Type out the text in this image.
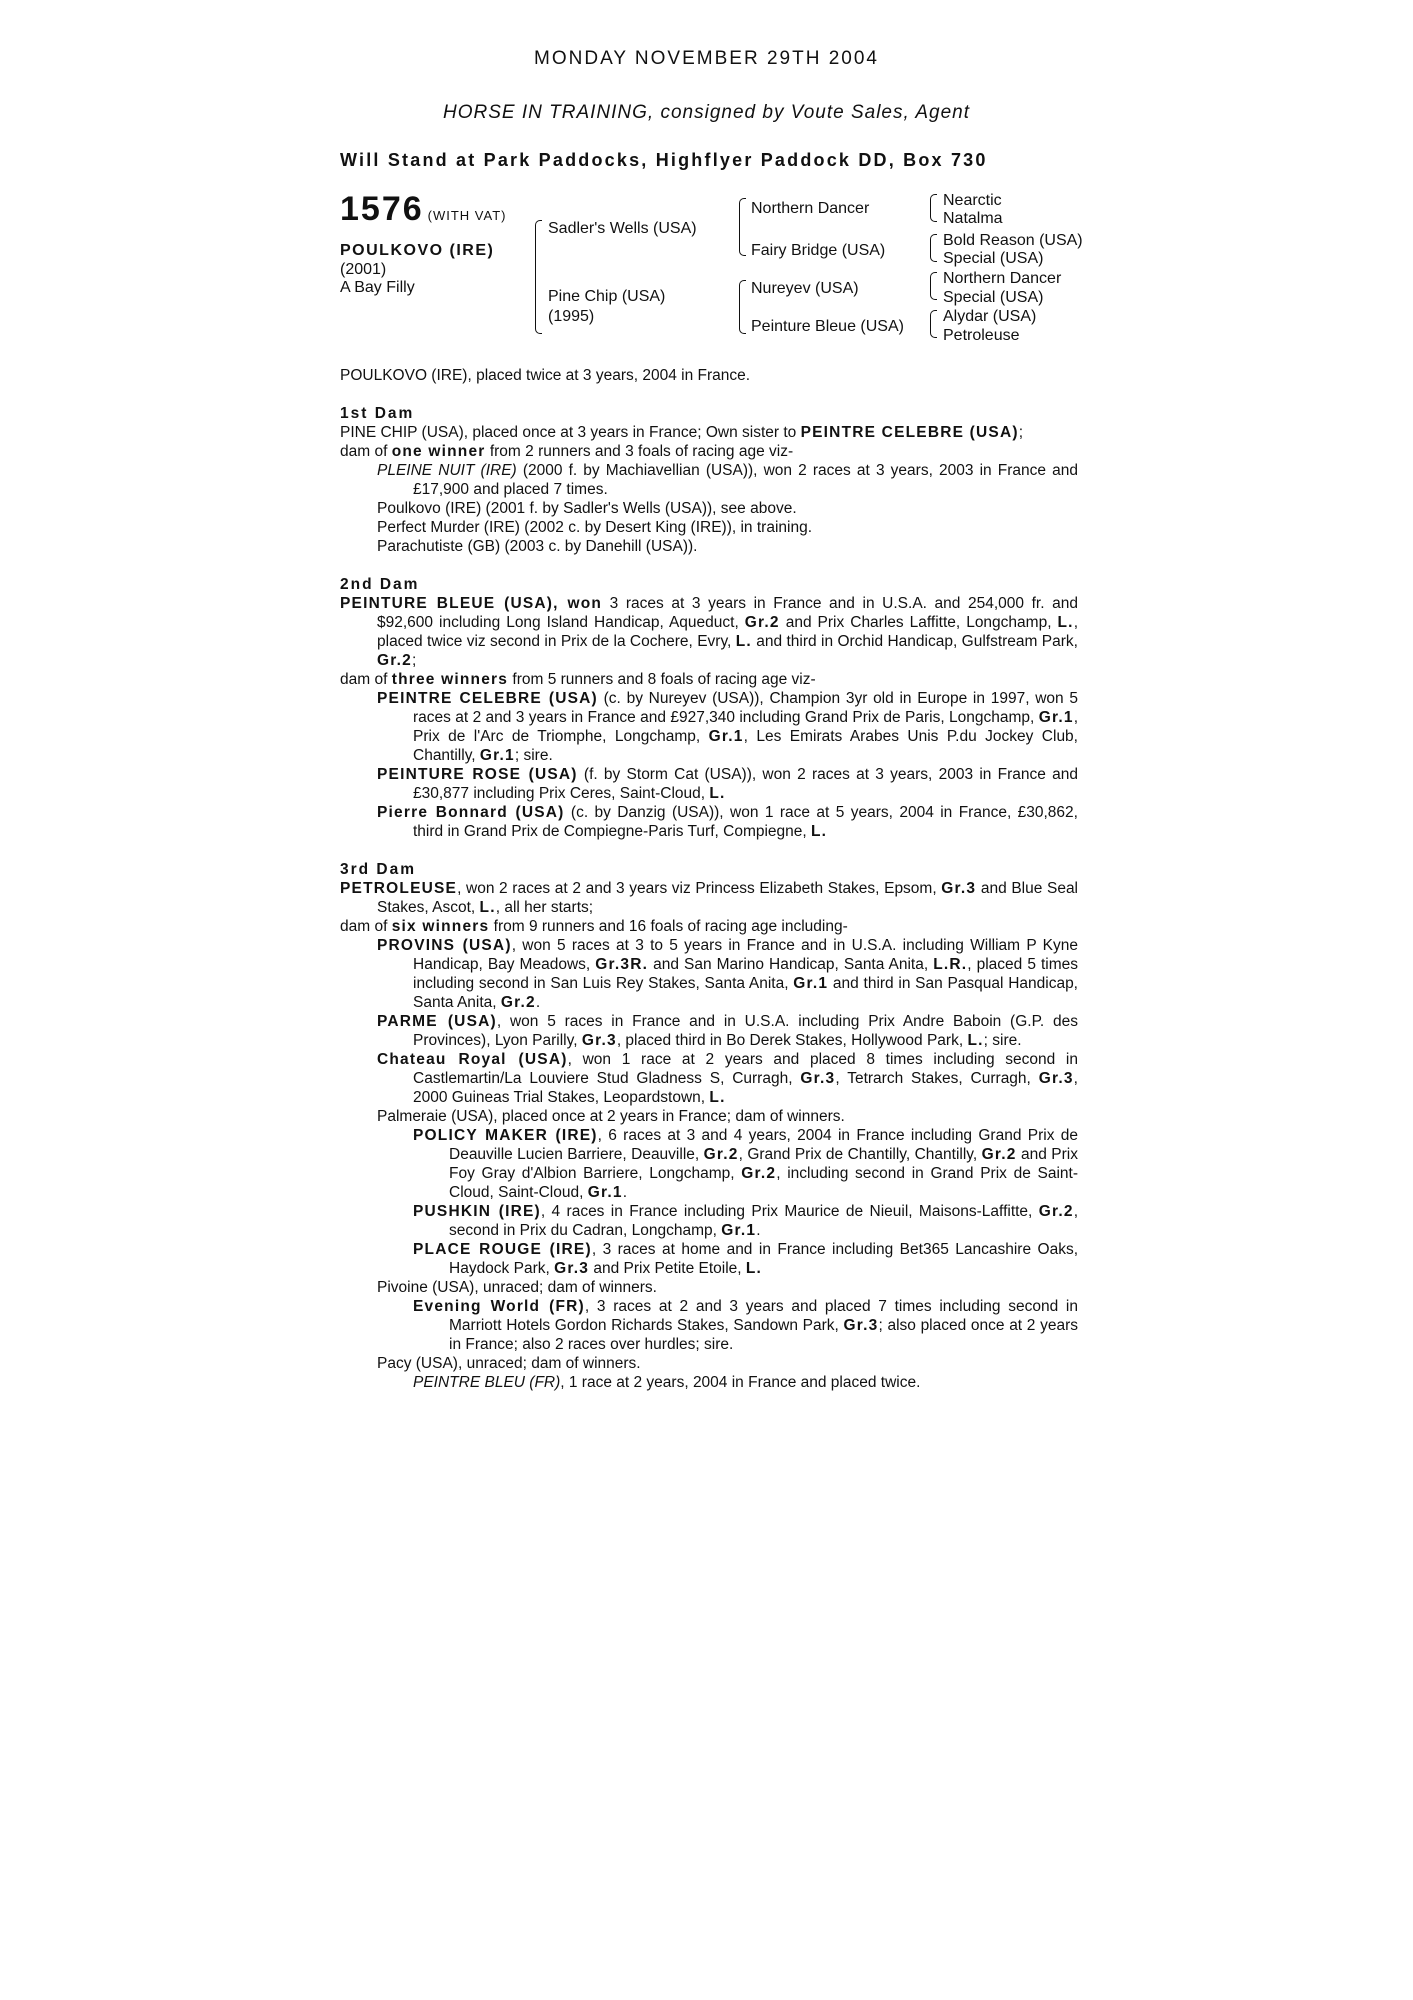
MONDAY NOVEMBER 29TH 2004
HORSE IN TRAINING, consigned by Voute Sales, Agent
Will Stand at Park Paddocks, Highflyer Paddock DD, Box 730
1576 (WITH VAT)
POULKOVO (IRE)
(2001)
A Bay Filly
Sadler's Wells (USA)
Pine Chip (USA)
(1995)
Northern Dancer
Fairy Bridge (USA)
Nureyev (USA)
Peinture Bleue (USA)
Nearctic
Natalma
Bold Reason (USA)
Special (USA)
Northern Dancer
Special (USA)
Alydar (USA)
Petroleuse

POULKOVO (IRE), placed twice at 3 years, 2004 in France.

1st Dam

PINE CHIP (USA), placed once at 3 years in France; Own sister to PEINTRE CELEBRE (USA);

dam of one winner from 2 runners and 3 foals of racing age viz-

PLEINE NUIT (IRE) (2000 f. by Machiavellian (USA)), won 2 races at 3 years, 2003 in France and £17,900 and placed 7 times.

Poulkovo (IRE) (2001 f. by Sadler's Wells (USA)), see above.

Perfect Murder (IRE) (2002 c. by Desert King (IRE)), in training.

Parachutiste (GB) (2003 c. by Danehill (USA)).

2nd Dam

PEINTURE BLEUE (USA), won 3 races at 3 years in France and in U.S.A. and 254,000 fr. and $92,600 including Long Island Handicap, Aqueduct, Gr.2 and Prix Charles Laffitte, Longchamp, L., placed twice viz second in Prix de la Cochere, Evry, L. and third in Orchid Handicap, Gulfstream Park, Gr.2;

dam of three winners from 5 runners and 8 foals of racing age viz-

PEINTRE CELEBRE (USA) (c. by Nureyev (USA)), Champion 3yr old in Europe in 1997, won 5 races at 2 and 3 years in France and £927,340 including Grand Prix de Paris, Longchamp, Gr.1, Prix de l'Arc de Triomphe, Longchamp, Gr.1, Les Emirats Arabes Unis P.du Jockey Club, Chantilly, Gr.1; sire.

PEINTURE ROSE (USA) (f. by Storm Cat (USA)), won 2 races at 3 years, 2003 in France and £30,877 including Prix Ceres, Saint-Cloud, L.

Pierre Bonnard (USA) (c. by Danzig (USA)), won 1 race at 5 years, 2004 in France, £30,862, third in Grand Prix de Compiegne-Paris Turf, Compiegne, L.

3rd Dam

PETROLEUSE, won 2 races at 2 and 3 years viz Princess Elizabeth Stakes, Epsom, Gr.3 and Blue Seal Stakes, Ascot, L., all her starts;

dam of six winners from 9 runners and 16 foals of racing age including-

PROVINS (USA), won 5 races at 3 to 5 years in France and in U.S.A. including William P Kyne Handicap, Bay Meadows, Gr.3R. and San Marino Handicap, Santa Anita, L.R., placed 5 times including second in San Luis Rey Stakes, Santa Anita, Gr.1 and third in San Pasqual Handicap, Santa Anita, Gr.2.

PARME (USA), won 5 races in France and in U.S.A. including Prix Andre Baboin (G.P. des Provinces), Lyon Parilly, Gr.3, placed third in Bo Derek Stakes, Hollywood Park, L.; sire.

Chateau Royal (USA), won 1 race at 2 years and placed 8 times including second in Castlemartin/La Louviere Stud Gladness S, Curragh, Gr.3, Tetrarch Stakes, Curragh, Gr.3, 2000 Guineas Trial Stakes, Leopardstown, L.

Palmeraie (USA), placed once at 2 years in France; dam of winners.

POLICY MAKER (IRE), 6 races at 3 and 4 years, 2004 in France including Grand Prix de Deauville Lucien Barriere, Deauville, Gr.2, Grand Prix de Chantilly, Chantilly, Gr.2 and Prix Foy Gray d'Albion Barriere, Longchamp, Gr.2, including second in Grand Prix de Saint-Cloud, Saint-Cloud, Gr.1.

PUSHKIN (IRE), 4 races in France including Prix Maurice de Nieuil, Maisons-Laffitte, Gr.2, second in Prix du Cadran, Longchamp, Gr.1.

PLACE ROUGE (IRE), 3 races at home and in France including Bet365 Lancashire Oaks, Haydock Park, Gr.3 and Prix Petite Etoile, L.

Pivoine (USA), unraced; dam of winners.

Evening World (FR), 3 races at 2 and 3 years and placed 7 times including second in Marriott Hotels Gordon Richards Stakes, Sandown Park, Gr.3; also placed once at 2 years in France; also 2 races over hurdles; sire.

Pacy (USA), unraced; dam of winners.

PEINTRE BLEU (FR), 1 race at 2 years, 2004 in France and placed twice.
